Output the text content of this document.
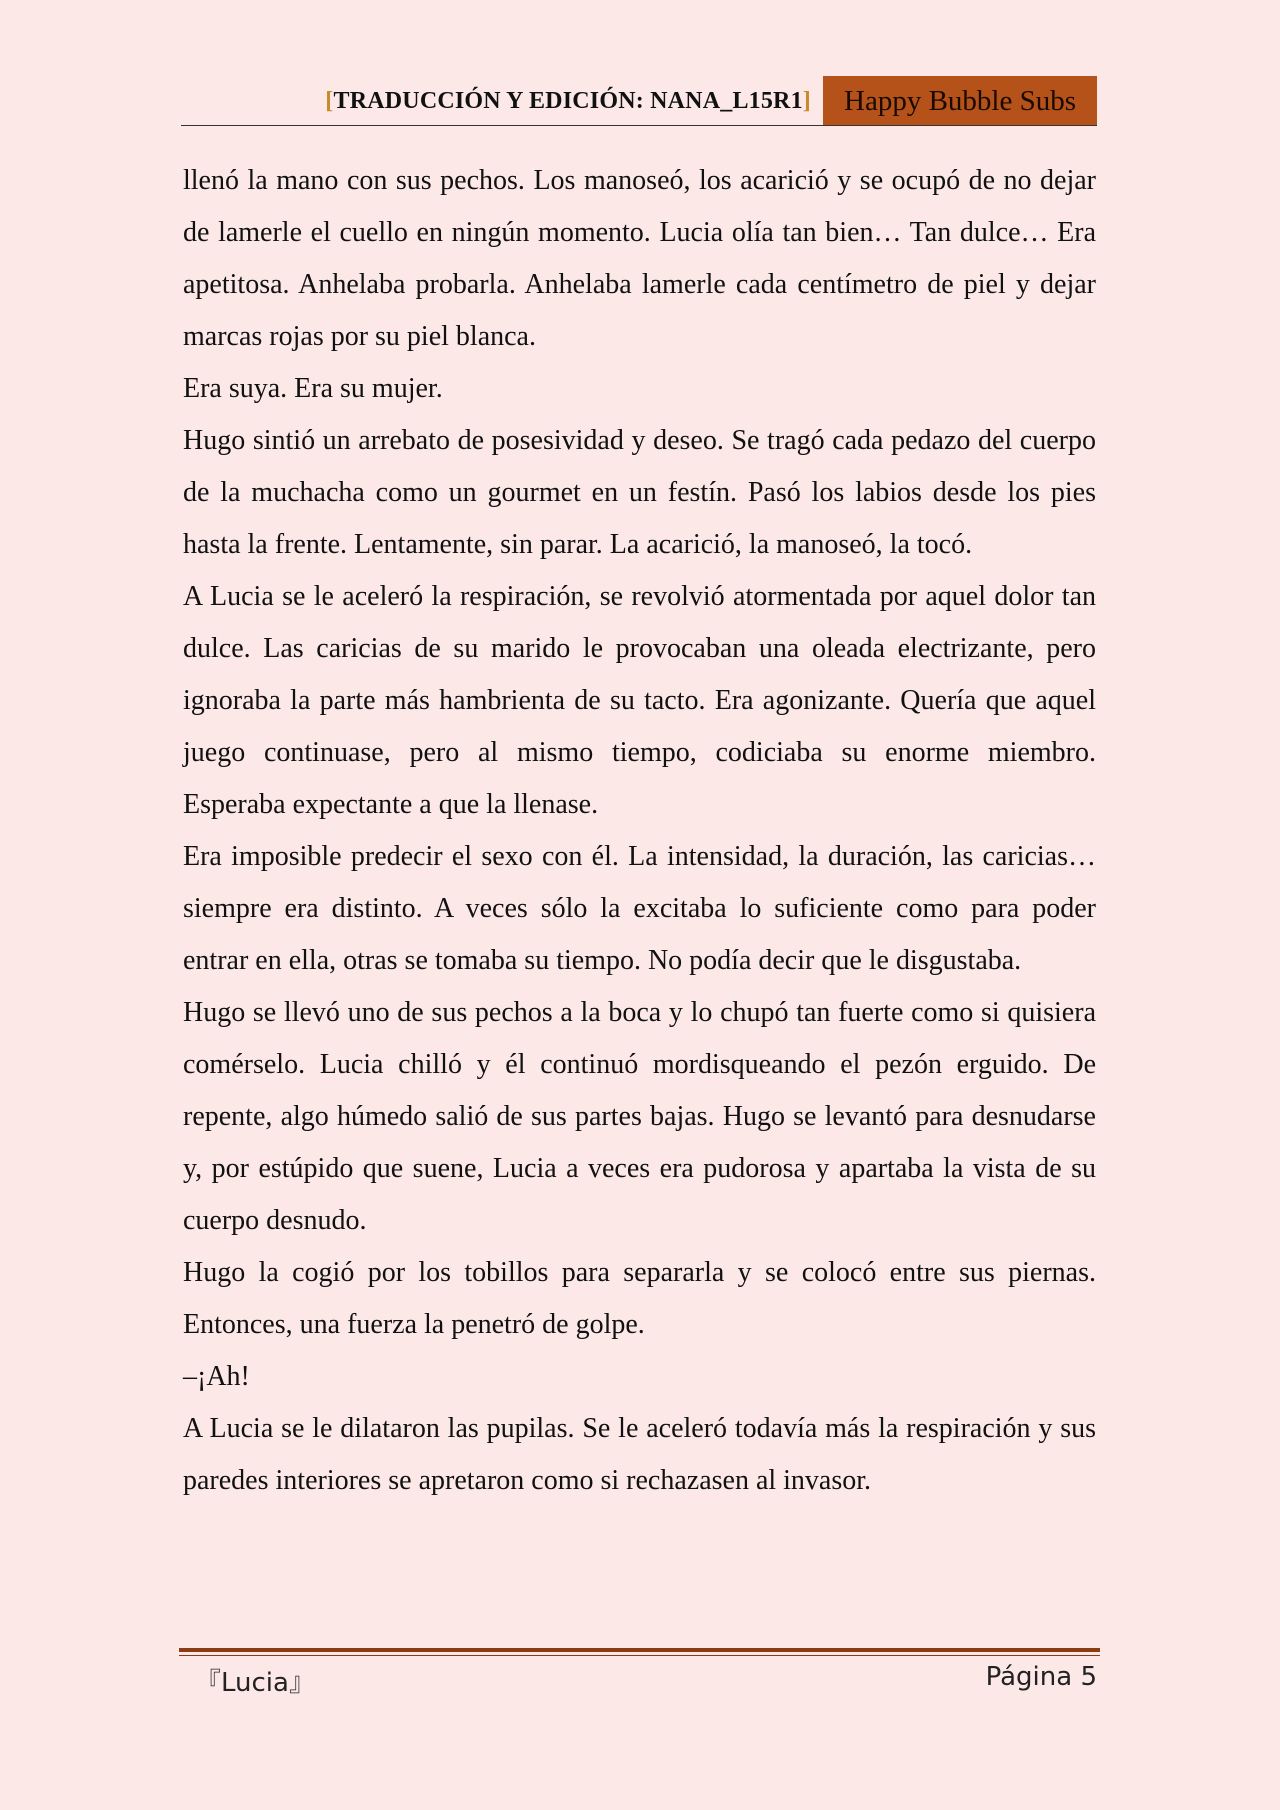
[TRADUCCIÓN Y EDICIÓN: NANA_L15R1]	Happy Bubble Subs

llenó la mano con sus pechos. Los manoseó, los acarició y se ocupó de no dejar de lamerle el cuello en ningún momento. Lucia olía tan bien… Tan dulce… Era apetitosa. Anhelaba probarla. Anhelaba lamerle cada centímetro de piel y dejar marcas rojas por su piel blanca.

Era suya. Era su mujer.

Hugo sintió un arrebato de posesividad y deseo. Se tragó cada pedazo del cuerpo de la muchacha como un gourmet en un festín. Pasó los labios desde los pies hasta la frente. Lentamente, sin parar. La acarició, la manoseó, la tocó.

A Lucia se le aceleró la respiración, se revolvió atormentada por aquel dolor tan dulce. Las caricias de su marido le provocaban una oleada electrizante, pero ignoraba la parte más hambrienta de su tacto. Era agonizante. Quería que aquel juego continuase, pero al mismo tiempo, codiciaba su enorme miembro. Esperaba expectante a que la llenase.

Era imposible predecir el sexo con él. La intensidad, la duración, las caricias… siempre era distinto. A veces sólo la excitaba lo suficiente como para poder entrar en ella, otras se tomaba su tiempo. No podía decir que le disgustaba.

Hugo se llevó uno de sus pechos a la boca y lo chupó tan fuerte como si quisiera comérselo. Lucia chilló y él continuó mordisqueando el pezón erguido. De repente, algo húmedo salió de sus partes bajas. Hugo se levantó para desnudarse y, por estúpido que suene, Lucia a veces era pudorosa y apartaba la vista de su cuerpo desnudo.

Hugo la cogió por los tobillos para separarla y se colocó entre sus piernas. Entonces, una fuerza la penetró de golpe.

–¡Ah!

A Lucia se le dilataron las pupilas. Se le aceleró todavía más la respiración y sus paredes interiores se apretaron como si rechazasen al invasor.

『Lucia』	Página 5
